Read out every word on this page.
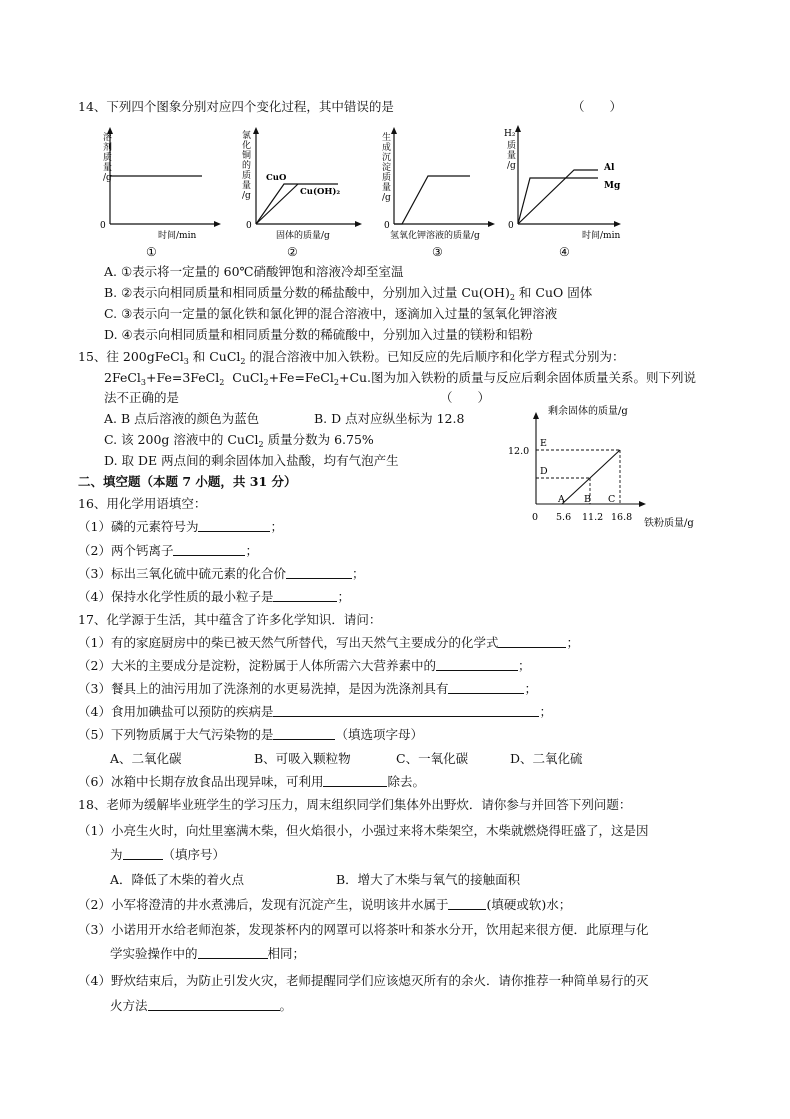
14、下列四个图象分别对应四个变化过程，其中错误的是	（　　）
溶剂质量/g
0
时间/min
①
氯化铜的质量/g
CuO
Cu(OH)₂
0
固体的质量/g
②
生成沉淀质量/g
0
氢氧化钾溶液的质量/g
③
H₂
质量/g	Al
Mg
0
时间/min
④
A. ①表示将一定量的 60℃硝酸钾饱和溶液冷却至室温
B. ②表示向相同质量和相同质量分数的稀盐酸中，分别加入过量 $Cu(OH)_2$ 和 CuO 固体
C. ③表示向一定量的氯化铁和氯化钾的混合溶液中，逐滴加入过量的氢氧化钾溶液
D. ④表示向相同质量和相同质量分数的稀硫酸中，分别加入过量的镁粉和铝粉
15、往 200gFeCl$_3$ 和 CuCl$_2$ 的混合溶液中加入铁粉。已知反应的先后顺序和化学方程式分别为：
2FeCl$_3$+Fe=3FeCl$_2$ CuCl$_2$+Fe=FeCl$_2$+Cu.图为加入铁粉的质量与反应后剩余固体质量关系。则下列说
法不正确的是	（　　）
A. B 点后溶液的颜色为蓝色	B. D 点对应纵坐标为 12.8
C. 该 200g 溶液中的 CuCl$_2$ 质量分数为 6.75%
D. 取 DE 两点间的剩余固体加入盐酸，均有气泡产生
剩余固体的质量/g
12.0
E
D
A B C
0 5.6 11.2 16.8
铁粉质量/g
二、填空题（本题 7 小题，共 31 分）
16、用化学用语填空：
（1）磷的元素符号为	；
（2）两个钙离子	；
（3）标出三氧化硫中硫元素的化合价	；
（4）保持水化学性质的最小粒子是	；
17、化学源于生活，其中蕴含了许多化学知识．请问：
（1）有的家庭厨房中的柴已被天然气所替代，写出天然气主要成分的化学式	；
（2）大米的主要成分是淀粉，淀粉属于人体所需六大营养素中的	；
（3）餐具上的油污用加了洗涤剂的水更易洗掉，是因为洗涤剂具有	；
（4）食用加碘盐可以预防的疾病是	；
（5）下列物质属于大气污染物的是	（填选项字母）
A、二氧化碳	B、可吸入颗粒物	C、一氧化碳	D、二氧化硫
（6）冰箱中长期存放食品出现异味，可利用	除去。
18、老师为缓解毕业班学生的学习压力，周末组织同学们集体外出野炊．请你参与并回答下列问题：
（1）小亮生火时，向灶里塞满木柴，但火焰很小，小强过来将木柴架空，木柴就燃烧得旺盛了，这是因
为	（填序号）
A．降低了木柴的着火点	B．增大了木柴与氧气的接触面积
（2）小军将澄清的井水煮沸后，发现有沉淀产生，说明该井水属于	(填硬或软)水；
（3）小诺用开水给老师泡茶，发现茶杯内的网罩可以将茶叶和茶水分开，饮用起来很方便．此原理与化
学实验操作中的	相同；
（4）野炊结束后，为防止引发火灾，老师提醒同学们应该熄灭所有的余火．请你推荐一种简单易行的灭
火方法	。
